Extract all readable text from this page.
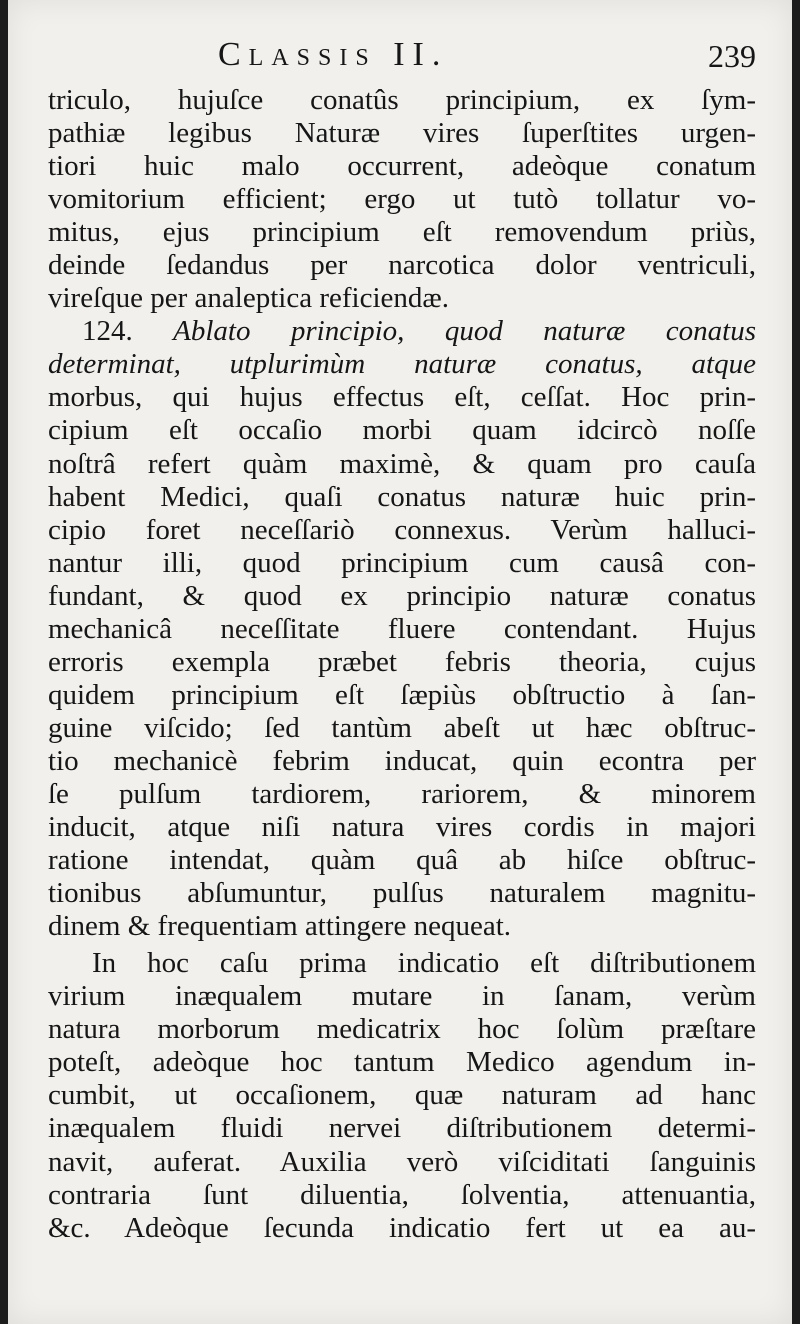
Classis II.	239
triculo, hujuſce conatûs principium, ex ſym-
pathiæ legibus Naturæ vires ſuperſtites urgen-
tiori huic malo occurrent, adeòque conatum
vomitorium efficient; ergo ut tutò tollatur vo-
mitus, ejus principium eſt removendum priùs,
deinde ſedandus per narcotica dolor ventriculi,
vireſque per analeptica reficiendæ.
124. Ablato principio, quod naturæ conatus
determinat, utplurimùm naturæ conatus, atque
morbus, qui hujus effectus eſt, ceſſat. Hoc prin-
cipium eſt occaſio morbi quam idcircò noſſe
noſtrâ refert quàm maximè, & quam pro cauſa
habent Medici, quaſi conatus naturæ huic prin-
cipio foret neceſſariò connexus. Verùm halluci-
nantur illi, quod principium cum causâ con-
fundant, & quod ex principio naturæ conatus
mechanicâ neceſſitate fluere contendant. Hujus
erroris exempla præbet febris theoria, cujus
quidem principium eſt ſæpiùs obſtructio à ſan-
guine viſcido; ſed tantùm abeſt ut hæc obſtruc-
tio mechanicè febrim inducat, quin econtra per
ſe pulſum tardiorem, rariorem, & minorem
inducit, atque niſi natura vires cordis in majori
ratione intendat, quàm quâ ab hiſce obſtruc-
tionibus abſumuntur, pulſus naturalem magnitu-
dinem & frequentiam attingere nequeat.
In hoc caſu prima indicatio eſt diſtributionem
virium inæqualem mutare in ſanam, verùm
natura morborum medicatrix hoc ſolùm præſtare
poteſt, adeòque hoc tantum Medico agendum in-
cumbit, ut occaſionem, quæ naturam ad hanc
inæqualem fluidi nervei diſtributionem determi-
navit, auferat. Auxilia verò viſciditati ſanguinis
contraria ſunt diluentia, ſolventia, attenuantia,
&c. Adeòque ſecunda indicatio fert ut ea au-
